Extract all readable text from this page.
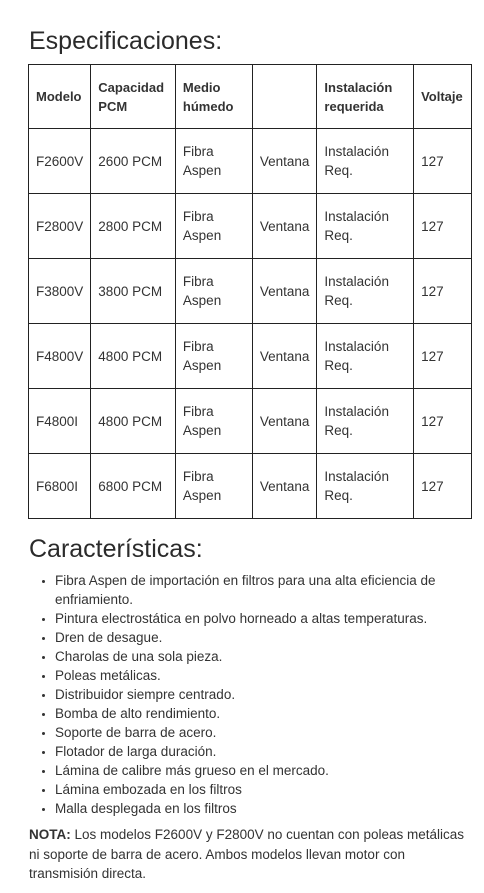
Especificaciones:
Modelo	Capacidad PCM	Medio húmedo		Instalación requerida	Voltaje
F2600V	2600 PCM	Fibra Aspen	Ventana	Instalación Req.	127
F2800V	2800 PCM	Fibra Aspen	Ventana	Instalación Req.	127
F3800V	3800 PCM	Fibra Aspen	Ventana	Instalación Req.	127
F4800V	4800 PCM	Fibra Aspen	Ventana	Instalación Req.	127
F4800I	4800 PCM	Fibra Aspen	Ventana	Instalación Req.	127
F6800I	6800 PCM	Fibra Aspen	Ventana	Instalación Req.	127
Características:
• Fibra Aspen de importación en filtros para una alta eficiencia de enfriamiento.
• Pintura electrostática en polvo horneado a altas temperaturas.
• Dren de desague.
• Charolas de una sola pieza.
• Poleas metálicas.
• Distribuidor siempre centrado.
• Bomba de alto rendimiento.
• Soporte de barra de acero.
• Flotador de larga duración.
• Lámina de calibre más grueso en el mercado.
• Lámina embozada en los filtros
• Malla desplegada en los filtros

NOTA: Los modelos F2600V y F2800V no cuentan con poleas metálicas ni soporte de barra de acero. Ambos modelos llevan motor con transmisión directa.
